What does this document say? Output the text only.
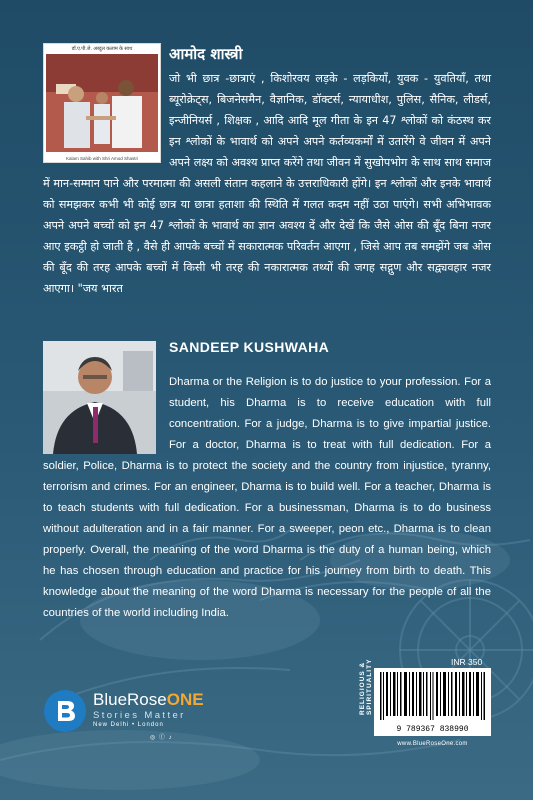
डॉ.ए.पी.जे. अब्दुल कलाम के साथ
Kalam Sahib with Shri Amod Shastri
आमोद शास्त्री
जो भी छात्र -छात्राएं , किशोरवय लड़के - लड़कियाँ, युवक - युवतियाँ, तथा ब्यूरोक्रेट्स, बिजनेसमैन, वैज्ञानिक, डॉक्टर्स, न्यायाधीश, पुलिस, सैनिक, लीडर्स, इन्जीनियर्स , शिक्षक , आदि आदि मूल गीता के इन 47 श्लोकों को कंठस्थ कर इन श्लोकों के भावार्थ को अपने अपने कर्तव्यकर्मों में उतारेंगे वे जीवन में अपने अपने लक्ष्य को अवश्य प्राप्त करेंगे तथा जीवन में सुखोपभोग के साथ साथ समाज में मान-सम्मान पाने और परमात्मा की असली संतान कहलाने के उत्तराधिकारी होंगे। इन श्लोकों और इनके भावार्थ को समझकर कभी भी कोई छात्र या छात्रा हताशा की स्थिति में गलत कदम नहीं उठा पाएंगे। सभी अभिभावक अपने अपने बच्चों को इन 47 श्लोकों के भावार्थ का ज्ञान अवश्य दें और देखें कि जैसे ओस की बूँद बिना नजर आए इकट्ठी हो जाती है , वैसे ही आपके बच्चों में सकारात्मक परिवर्तन आएगा , जिसे आप तब समझेंगे जब ओस की बूँद की तरह आपके बच्चों में किसी भी तरह की नकारात्मक तथ्यों की जगह सद्गुण और सद्व्यवहार नजर आएगा। "जय भारत
SANDEEP KUSHWAHA
Dharma or the Religion is to do justice to your profession. For a student, his Dharma is to receive education with full concentration. For a judge, Dharma is to give impartial justice. For a doctor, Dharma is to treat with full dedication. For a soldier, Police, Dharma is to protect the society and the country from injustice, tyranny, terrorism and crimes. For an engineer, Dharma is to build well. For a teacher, Dharma is to teach students with full dedication. For a businessman, Dharma is to do business without adulteration and in a fair manner. For a sweeper, peon etc., Dharma is to clean properly. Overall, the meaning of the word Dharma is the duty of a human being, which he has chosen through education and practice for his journey from birth to death. This knowledge about the meaning of the word Dharma is necessary for the people of all the countries of the world including India.
INR 350
RELIGIOUS & SPIRITUALITY
9 789367 838990
www.BlueRoseOne.com
BlueRoseONE
Stories Matter
New Delhi • London
◎ ⓕ ♪
